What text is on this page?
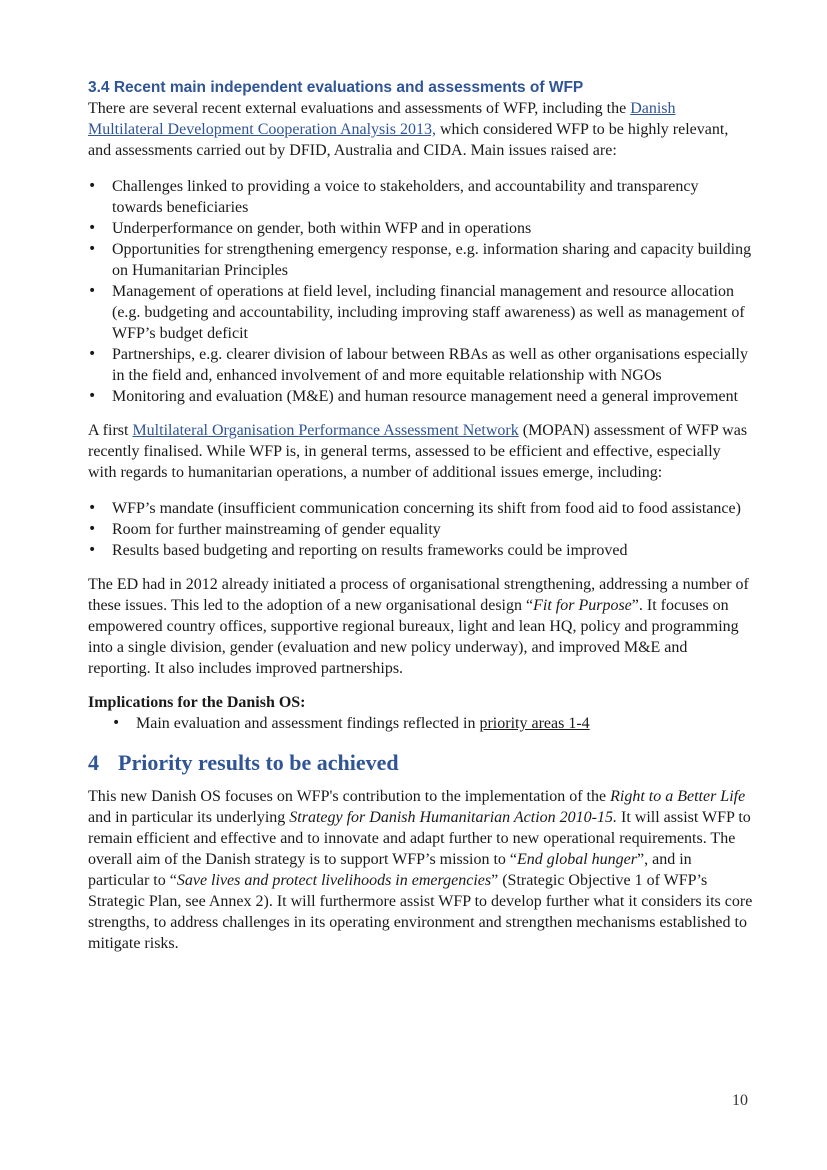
3.4 Recent main independent evaluations and assessments of WFP

There are several recent external evaluations and assessments of WFP, including the Danish Multilateral Development Cooperation Analysis 2013, which considered WFP to be highly relevant, and assessments carried out by DFID, Australia and CIDA. Main issues raised are:

• Challenges linked to providing a voice to stakeholders, and accountability and transparency towards beneficiaries
• Underperformance on gender, both within WFP and in operations
• Opportunities for strengthening emergency response, e.g. information sharing and capacity building on Humanitarian Principles
• Management of operations at field level, including financial management and resource allocation (e.g. budgeting and accountability, including improving staff awareness) as well as management of WFP’s budget deficit
• Partnerships, e.g. clearer division of labour between RBAs as well as other organisations especially in the field and, enhanced involvement of and more equitable relationship with NGOs
• Monitoring and evaluation (M&E) and human resource management need a general improvement

A first Multilateral Organisation Performance Assessment Network (MOPAN) assessment of WFP was recently finalised. While WFP is, in general terms, assessed to be efficient and effective, especially with regards to humanitarian operations, a number of additional issues emerge, including:

• WFP’s mandate (insufficient communication concerning its shift from food aid to food assistance)
• Room for further mainstreaming of gender equality
• Results based budgeting and reporting on results frameworks could be improved

The ED had in 2012 already initiated a process of organisational strengthening, addressing a number of these issues. This led to the adoption of a new organisational design “Fit for Purpose”. It focuses on empowered country offices, supportive regional bureaux, light and lean HQ, policy and programming into a single division, gender (evaluation and new policy underway), and improved M&E and reporting. It also includes improved partnerships.

Implications for the Danish OS:

• Main evaluation and assessment findings reflected in priority areas 1-4
4 Priority results to be achieved

This new Danish OS focuses on WFP's contribution to the implementation of the Right to a Better Life and in particular its underlying Strategy for Danish Humanitarian Action 2010-15. It will assist WFP to remain efficient and effective and to innovate and adapt further to new operational requirements. The overall aim of the Danish strategy is to support WFP’s mission to “End global hunger”, and in particular to “Save lives and protect livelihoods in emergencies” (Strategic Objective 1 of WFP’s Strategic Plan, see Annex 2). It will furthermore assist WFP to develop further what it considers its core strengths, to address challenges in its operating environment and strengthen mechanisms established to mitigate risks.

10
